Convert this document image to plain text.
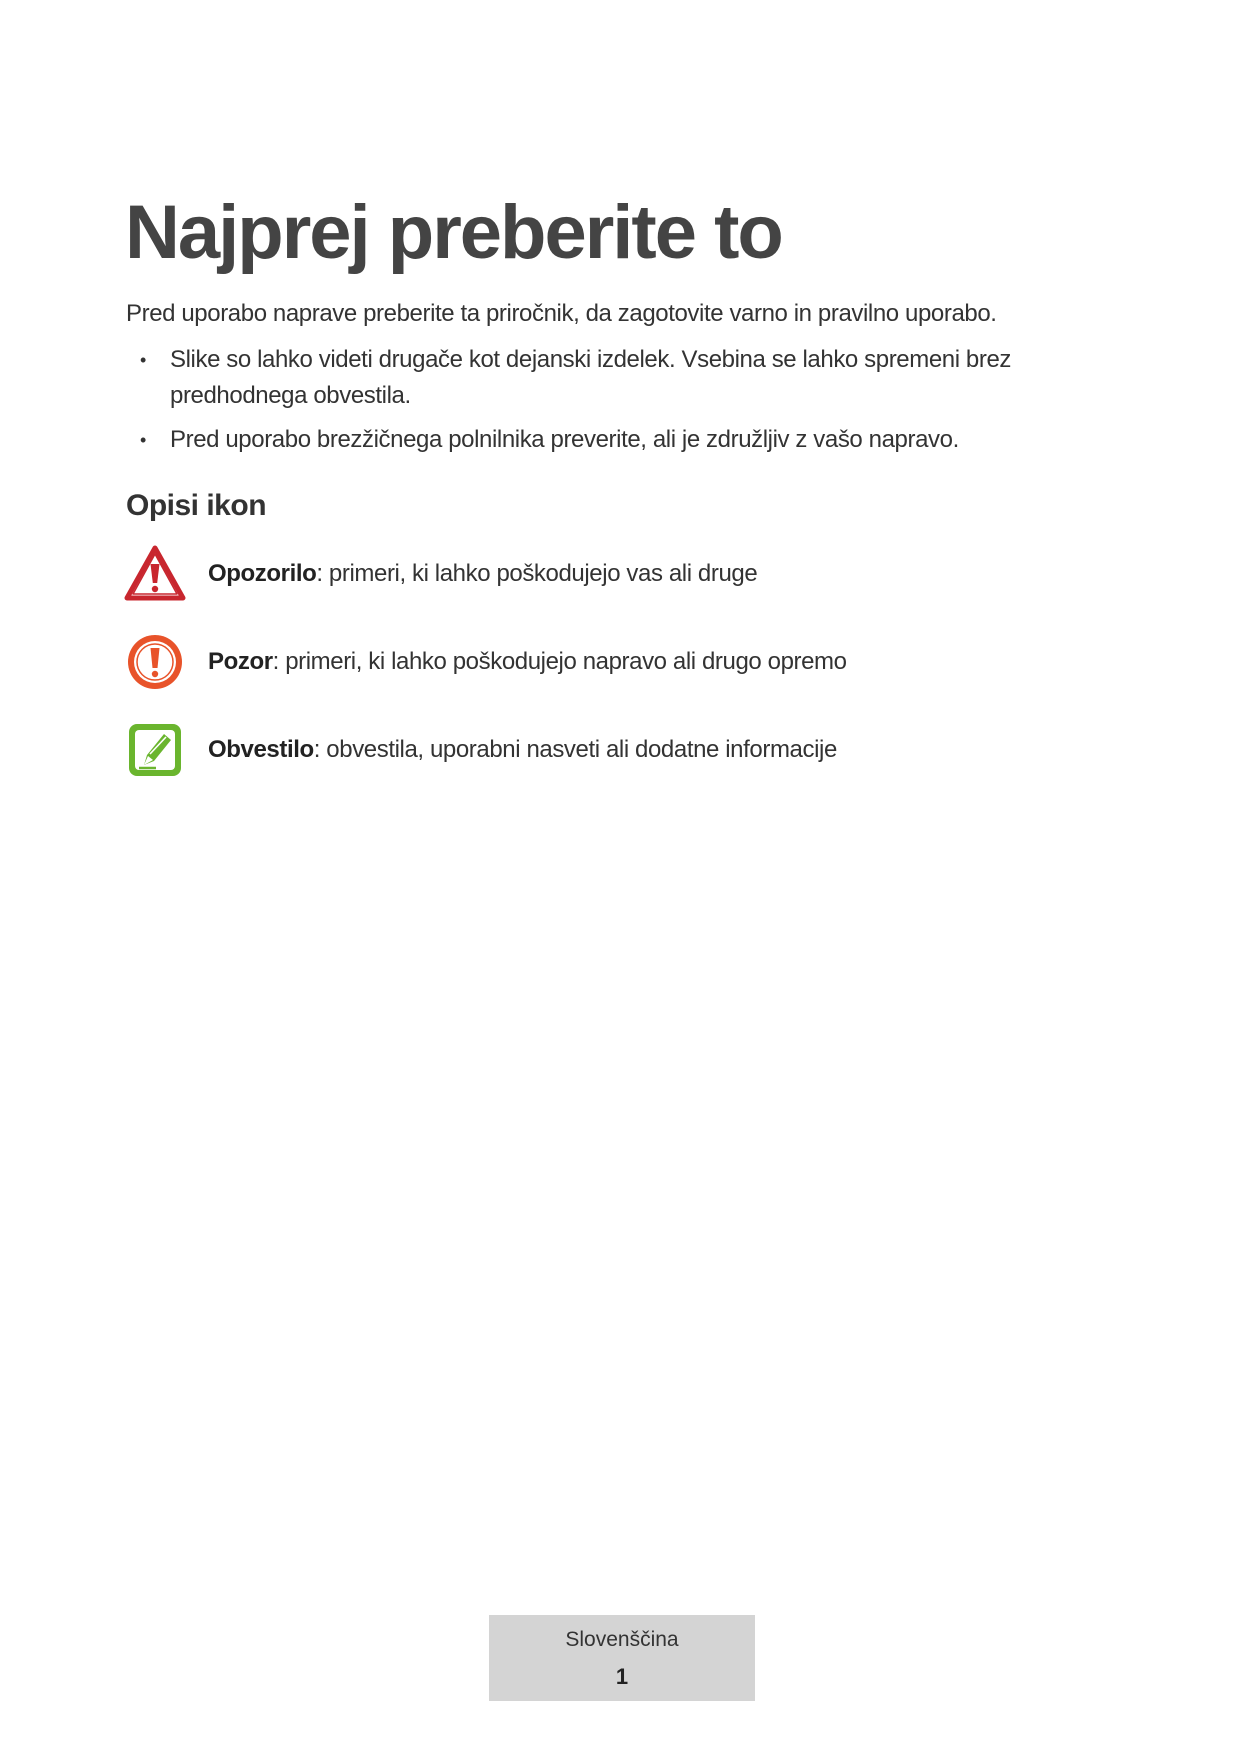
Najprej preberite to

Pred uporabo naprave preberite ta priročnik, da zagotovite varno in pravilno uporabo.

• Slike so lahko videti drugače kot dejanski izdelek. Vsebina se lahko spremeni brez predhodnega obvestila.
• Pred uporabo brezžičnega polnilnika preverite, ali je združljiv z vašo napravo.
Opisi ikon
Opozorilo: primeri, ki lahko poškodujejo vas ali druge
Pozor: primeri, ki lahko poškodujejo napravo ali drugo opremo
Obvestilo: obvestila, uporabni nasveti ali dodatne informacije
Slovenščina
1
